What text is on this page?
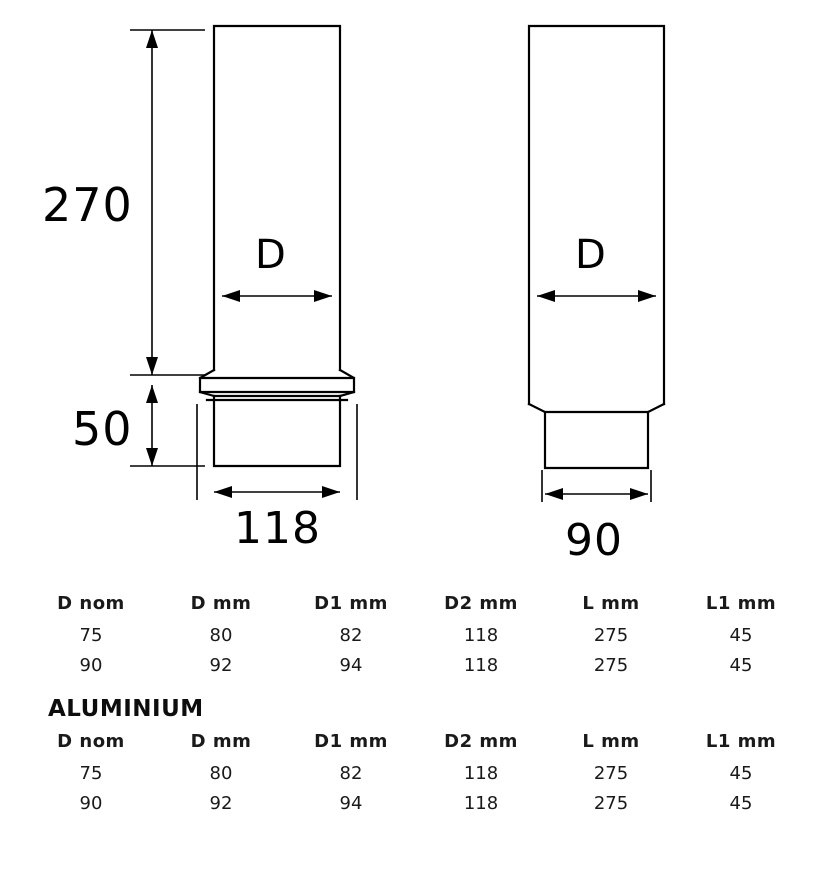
270
50
118	90
D	D
D nom	D mm	D1 mm	D2 mm	L mm	L1 mm
75	80	82	118	275	45
90	92	94	118	275	45
ALUMINIUM
D nom	D mm	D1 mm	D2 mm	L mm	L1 mm
75	80	82	118	275	45
90	92	94	118	275	45
